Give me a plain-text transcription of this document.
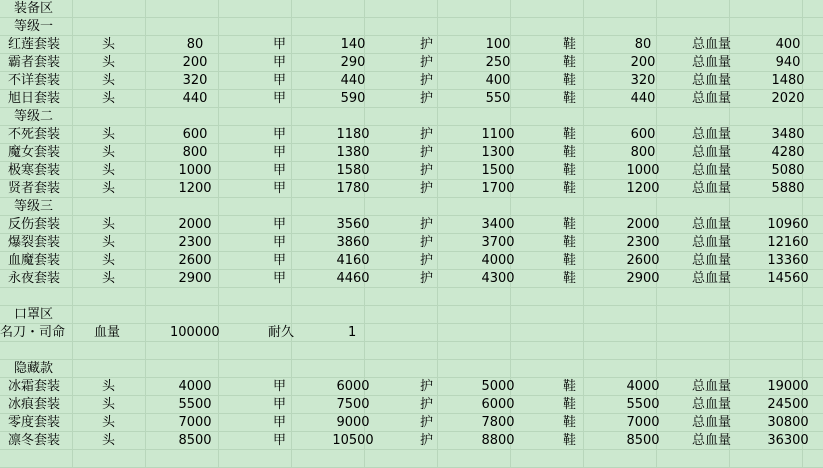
装备区
等级一
红莲套装	头	80	甲	140	护	100	鞋	80	总血量	400
霸者套装	头	200	甲	290	护	250	鞋	200	总血量	940
不详套装	头	320	甲	440	护	400	鞋	320	总血量	1480
旭日套装	头	440	甲	590	护	550	鞋	440	总血量	2020
等级二
不死套装	头	600	甲	1180	护	1100	鞋	600	总血量	3480
魔女套装	头	800	甲	1380	护	1300	鞋	800	总血量	4280
极寒套装	头	1000	甲	1580	护	1500	鞋	1000	总血量	5080
贤者套装	头	1200	甲	1780	护	1700	鞋	1200	总血量	5880
等级三
反伤套装	头	2000	甲	3560	护	3400	鞋	2000	总血量	10960
爆裂套装	头	2300	甲	3860	护	3700	鞋	2300	总血量	12160
血魔套装	头	2600	甲	4160	护	4000	鞋	2600	总血量	13360
永夜套装	头	2900	甲	4460	护	4300	鞋	2900	总血量	14560
口罩区
名刀・司命 血量	100000	耐久	1
隐藏款
冰霜套装	头	4000	甲	6000	护	5000	鞋	4000	总血量	19000
冰痕套装	头	5500	甲	7500	护	6000	鞋	5500	总血量	24500
零度套装	头	7000	甲	9000	护	7800	鞋	7000	总血量	30800
凛冬套装	头	8500	甲	10500	护	8800	鞋	8500	总血量	36300
